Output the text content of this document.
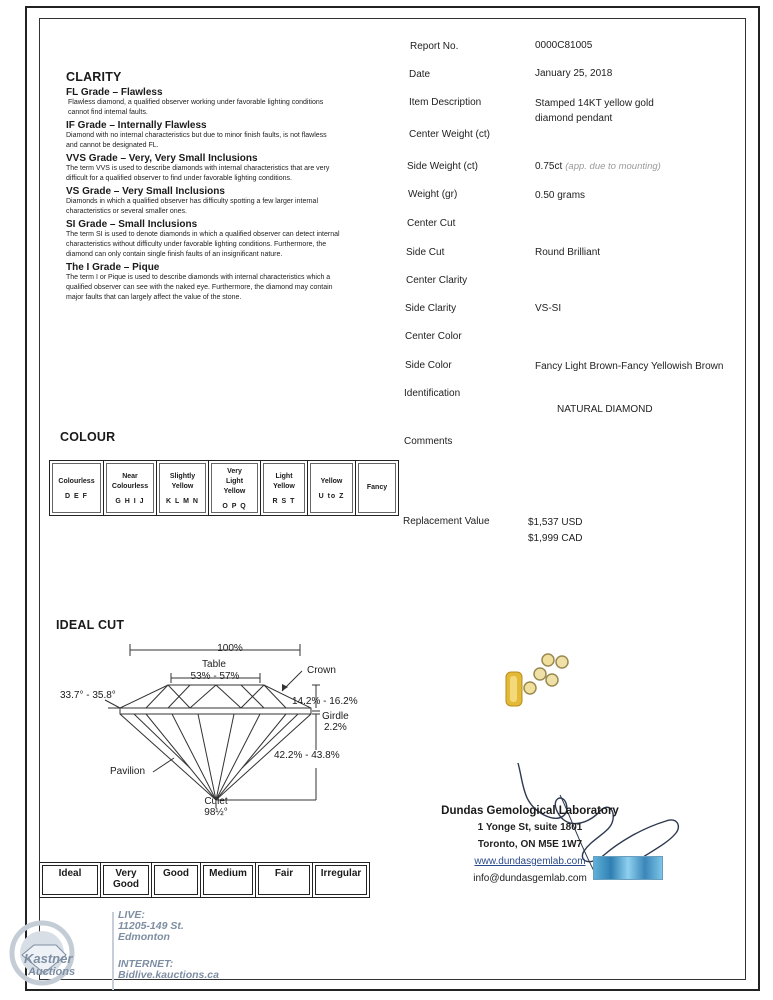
CLARITY
FL Grade – Flawless
Flawless diamond, a qualified observer working under favorable lighting conditions
cannot find internal faults.
IF Grade – Internally Flawless
Diamond with no internal characteristics but due to minor finish faults, is not flawless
and cannot be designated FL.
VVS Grade – Very, Very Small Inclusions
The term VVS is used to describe diamonds with internal characteristics that are very
difficult for a qualified observer to find under favorable lighting conditions.
VS Grade – Very Small Inclusions
Diamonds in which a qualified observer has difficulty spotting a few larger internal
characteristics or several smaller ones.
SI Grade – Small Inclusions
The term SI is used to denote diamonds in which a qualified observer can detect internal
characteristics without difficulty under favorable lighting conditions. Furthermore, the
diamond can only contain single finish faults of an insignificant nature.
The I Grade – Pique
The term I or Pique is used to describe diamonds with internal characteristics which a
qualified observer can see with the naked eye. Furthermore, the diamond may contain
major faults that can largely affect the value of the stone.
COLOUR
Colourless
D E F

Near
Colourless
G H I J

Slightly
Yellow
K L M N

Very
Light
Yellow
O P Q

Light
Yellow
R S T

Yellow
U to Z

Fancy
IDEAL CUT
100%
Table
53% - 57%
Crown
33.7° - 35.8°
14.2% - 16.2%
Girdle
2.2%
42.2% - 43.8%
Pavilion
Culet
98½°
Ideal	Very Good

Good	Medium	Fair	Irregular
Report No.	0000C81005
Date	January 25, 2018
Item Description	Stamped 14KT yellow gold
diamond pendant
Center Weight (ct)
Side Weight (ct)	0.75ct (app. due to mounting)
Weight (gr)	0.50 grams
Center Cut
Side Cut	Round Brilliant
Center Clarity
Side Clarity	VS-SI
Center Color
Side Color	Fancy Light Brown-Fancy Yellowish Brown
Identification
NATURAL DIAMOND
Comments
Replacement Value	$1,537 USD
$1,999 CAD
Dundas Gemological Laboratory
1 Yonge St, suite 1801
Toronto, ON M5E 1W7
www.dundasgemlab.com
info@dundasgemlab.com
Kastner
Auctions
LIVE:
11205-149 St.
Edmonton
INTERNET:
Bidlive.kauctions.ca
